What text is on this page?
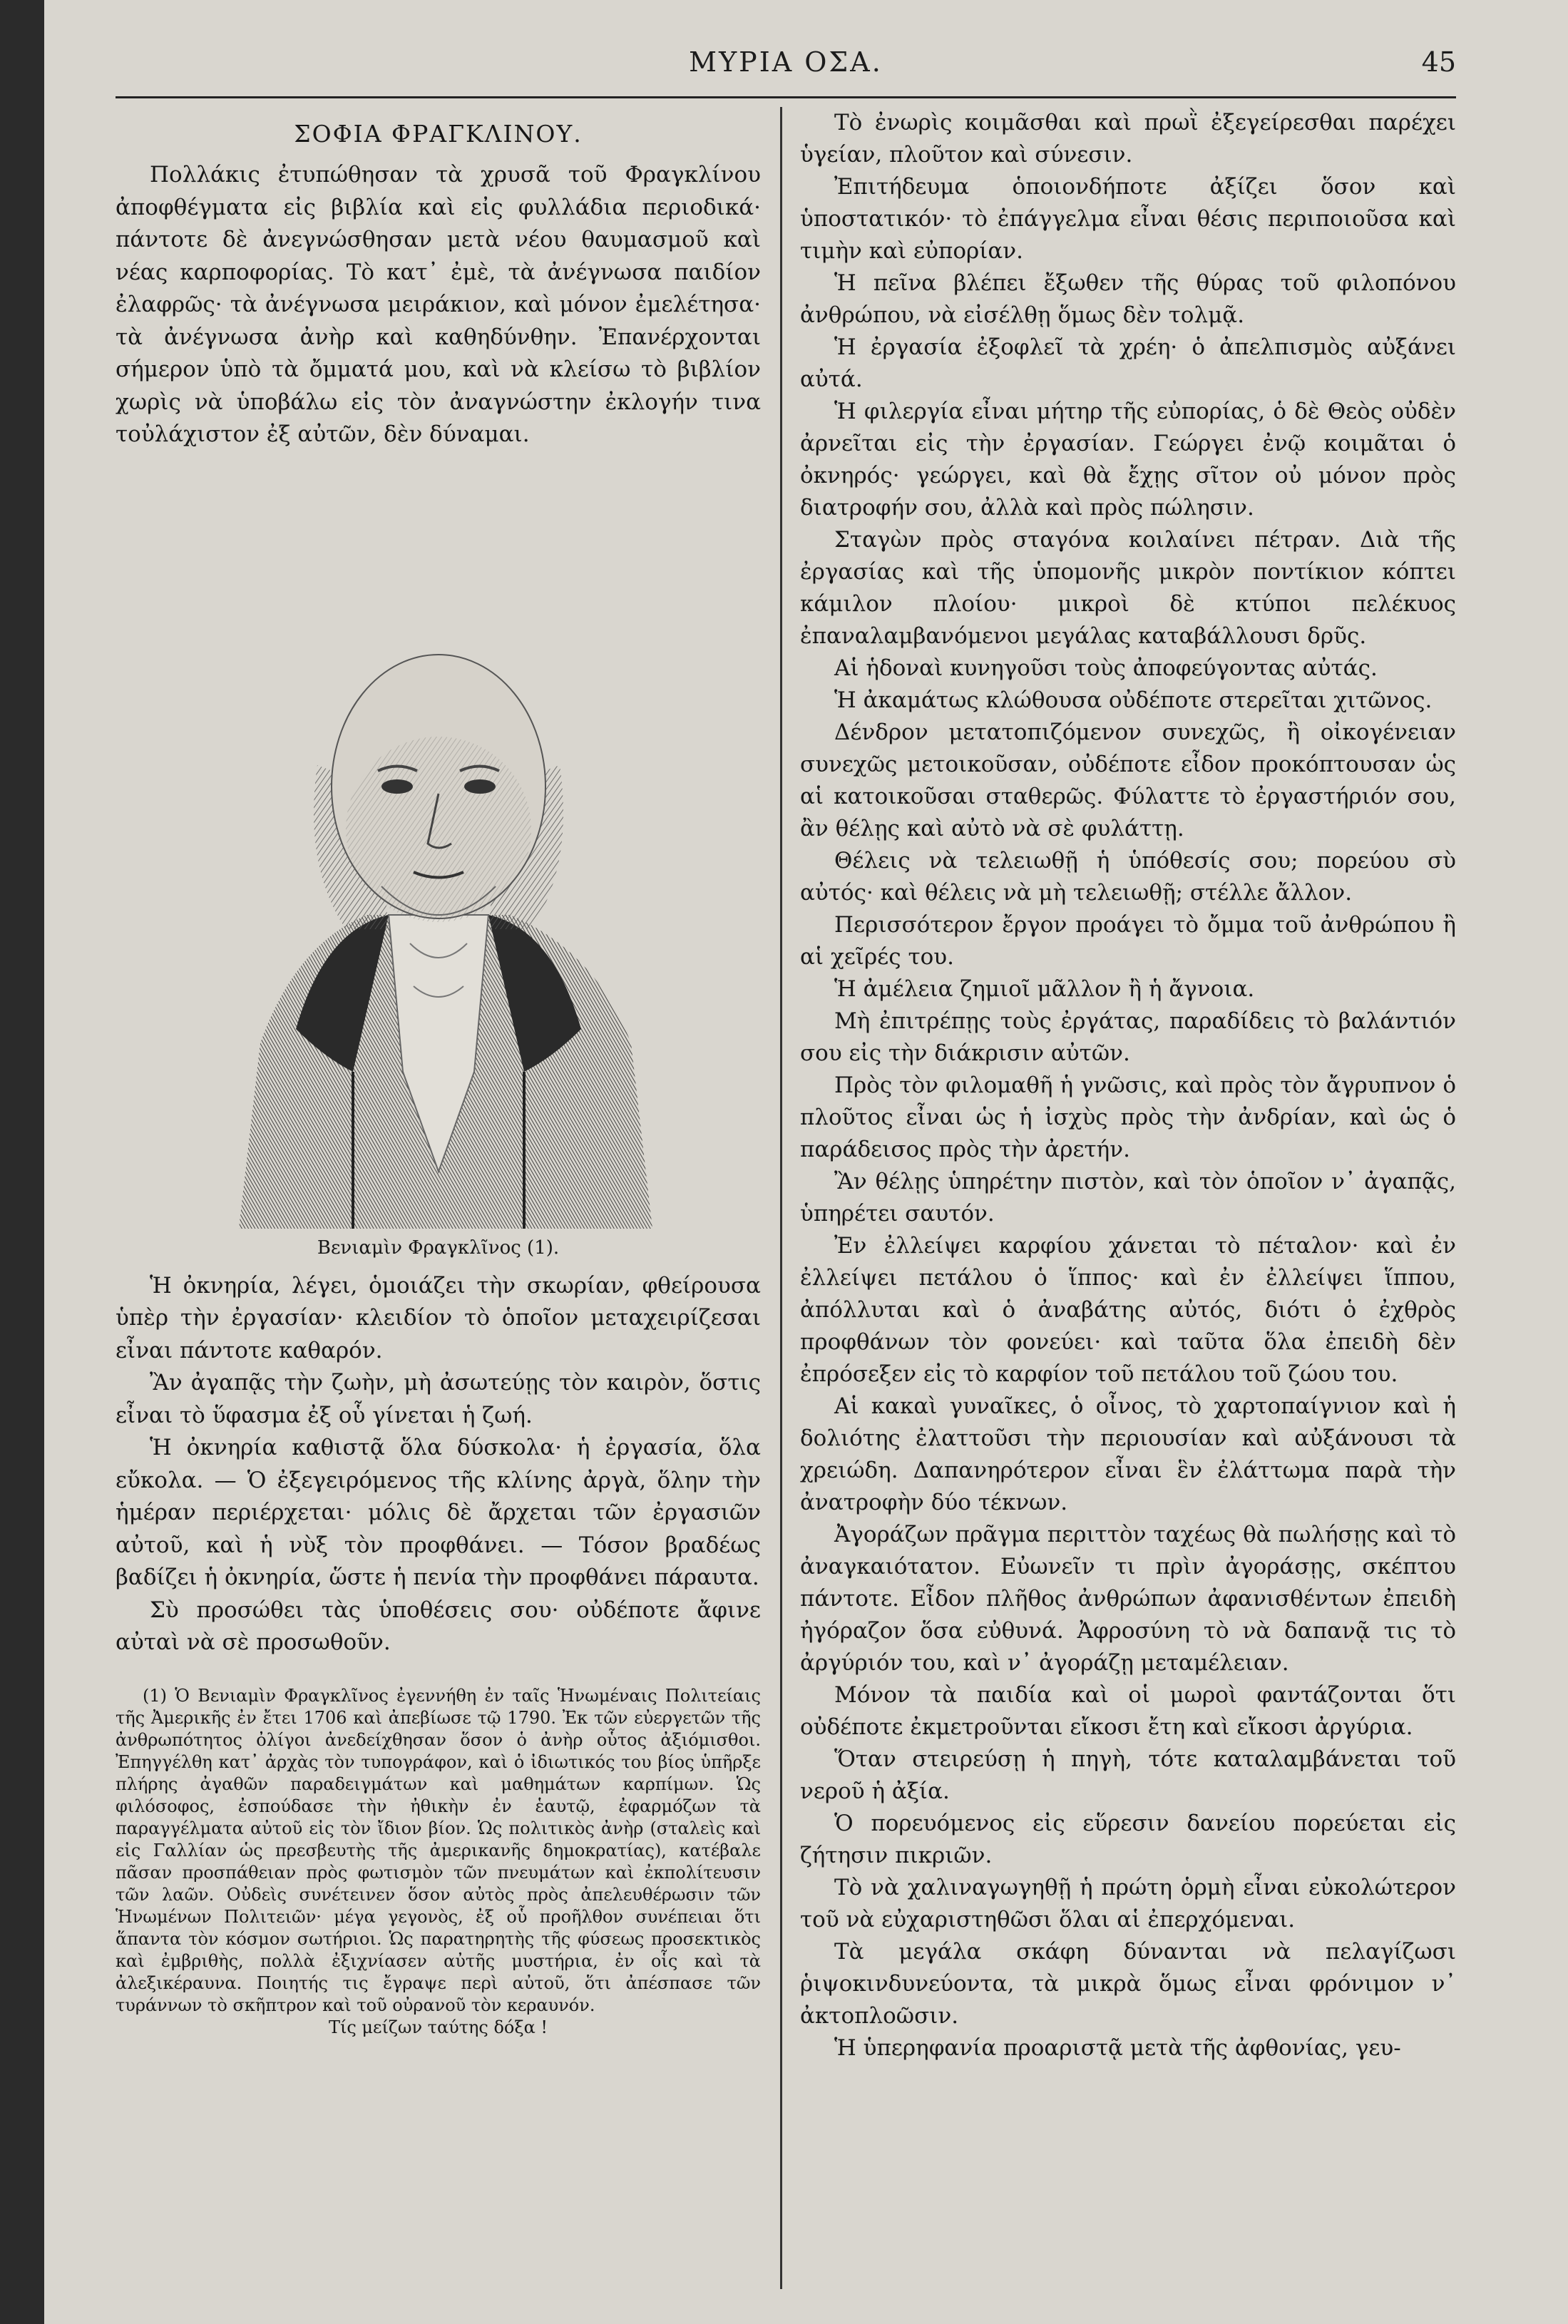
ΜΥΡΙΑ ΟΣΑ.	45
ΣΟΦΙΑ ΦΡΑΓΚΛΙΝΟΥ.

Πολλάκις ἐτυπώθησαν τὰ χρυσᾶ τοῦ Φραγκλίνου ἀποφθέγματα εἰς βιβλία καὶ εἰς φυλλάδια περιοδικά· πάντοτε δὲ ἀνεγνώσθησαν μετὰ νέου θαυμασμοῦ καὶ νέας καρποφορίας. Τὸ κατ᾽ ἐμὲ, τὰ ἀνέγνωσα παιδίον ἐλαφρῶς· τὰ ἀνέγνωσα μειράκιον, καὶ μόνον ἐμελέτησα· τὰ ἀνέγνωσα ἀνὴρ καὶ καθηδύνθην. Ἐπανέρχονται σήμερον ὑπὸ τὰ ὄμματά μου, καὶ νὰ κλείσω τὸ βιβλίον χωρὶς νὰ ὑποβάλω εἰς τὸν ἀναγνώστην ἐκλογήν τινα τοὐλάχιστον ἐξ αὐτῶν, δὲν δύναμαι.

Βενιαμὶν Φραγκλῖνος (1).

Ἡ ὀκνηρία, λέγει, ὁμοιάζει τὴν σκωρίαν, φθείρουσα ὑπὲρ τὴν ἐργασίαν· κλειδίον τὸ ὁποῖον μεταχειρίζεσαι εἶναι πάντοτε καθαρόν.

Ἂν ἀγαπᾷς τὴν ζωὴν, μὴ ἀσωτεύῃς τὸν καιρὸν, ὅστις εἶναι τὸ ὕφασμα ἐξ οὗ γίνεται ἡ ζωή.

Ἡ ὀκνηρία καθιστᾷ ὅλα δύσκολα· ἡ ἐργασία, ὅλα εὔκολα. — Ὁ ἐξεγειρόμενος τῆς κλίνης ἀργὰ, ὅλην τὴν ἡμέραν περιέρχεται· μόλις δὲ ἄρχεται τῶν ἐργασιῶν αὐτοῦ, καὶ ἡ νὺξ τὸν προφθάνει. — Τόσον βραδέως βαδίζει ἡ ὀκνηρία, ὥστε ἡ πενία τὴν προφθάνει πάραυτα.

Σὺ προσώθει τὰς ὑποθέσεις σου· οὐδέποτε ἄφινε αὐταὶ νὰ σὲ προσωθοῦν.

(1) Ὁ Βενιαμὶν Φραγκλῖνος ἐγεννήθη ἐν ταῖς Ἡνωμέναις Πολιτείαις τῆς Ἀμερικῆς ἐν ἔτει 1706 καὶ ἀπεβίωσε τῷ 1790. Ἐκ τῶν εὐεργετῶν τῆς ἀνθρωπότητος ὀλίγοι ἀνεδείχθησαν ὅσον ὁ ἀνὴρ οὗτος ἀξιόμισθοι. Ἐπηγγέλθη κατ᾽ ἀρχὰς τὸν τυπογράφον, καὶ ὁ ἰδιωτικός του βίος ὑπῆρξε πλήρης ἀγαθῶν παραδειγμάτων καὶ μαθημάτων καρπίμων. Ὡς φιλόσοφος, ἐσπούδασε τὴν ἠθικὴν ἐν ἑαυτῷ, ἐφαρμόζων τὰ παραγγέλματα αὐτοῦ εἰς τὸν ἴδιον βίον. Ὡς πολιτικὸς ἀνὴρ (σταλεὶς καὶ εἰς Γαλλίαν ὡς πρεσβευτὴς τῆς ἀμερικανῆς δημοκρατίας), κατέβαλε πᾶσαν προσπάθειαν πρὸς φωτισμὸν τῶν πνευμάτων καὶ ἐκπολίτευσιν τῶν λαῶν. Οὐδεὶς συνέτεινεν ὅσον αὐτὸς πρὸς ἀπελευθέρωσιν τῶν Ἡνωμένων Πολιτειῶν· μέγα γεγονὸς, ἐξ οὗ προῆλθον συνέπειαι ὅτι ἅπαντα τὸν κόσμον σωτήριοι. Ὡς παρατηρητὴς τῆς φύσεως προσεκτικὸς καὶ ἐμβριθὴς, πολλὰ ἐξιχνίασεν αὐτῆς μυστήρια, ἐν οἷς καὶ τὰ ἀλεξικέραυνα. Ποιητής τις ἔγραψε περὶ αὐτοῦ, ὅτι ἀπέσπασε τῶν τυράννων τὸ σκῆπτρον καὶ τοῦ οὐρανοῦ τὸν κεραυνόν.

Τίς μείζων ταύτης δόξα !

Τὸ ἐνωρὶς κοιμᾶσθαι καὶ πρωῒ ἐξεγείρεσθαι παρέχει ὑγείαν, πλοῦτον καὶ σύνεσιν.

Ἐπιτήδευμα ὁποιονδήποτε ἀξίζει ὅσον καὶ ὑποστατικόν· τὸ ἐπάγγελμα εἶναι θέσις περιποιοῦσα καὶ τιμὴν καὶ εὐπορίαν.

Ἡ πεῖνα βλέπει ἔξωθεν τῆς θύρας τοῦ φιλοπόνου ἀνθρώπου, νὰ εἰσέλθῃ ὅμως δὲν τολμᾷ.

Ἡ ἐργασία ἐξοφλεῖ τὰ χρέη· ὁ ἀπελπισμὸς αὐξάνει αὐτά.

Ἡ φιλεργία εἶναι μήτηρ τῆς εὐπορίας, ὁ δὲ Θεὸς οὐδὲν ἀρνεῖται εἰς τὴν ἐργασίαν. Γεώργει ἐνῷ κοιμᾶται ὁ ὀκνηρός· γεώργει, καὶ θὰ ἔχῃς σῖτον οὐ μόνον πρὸς διατροφήν σου, ἀλλὰ καὶ πρὸς πώλησιν.

Σταγὼν πρὸς σταγόνα κοιλαίνει πέτραν. Διὰ τῆς ἐργασίας καὶ τῆς ὑπομονῆς μικρὸν ποντίκιον κόπτει κάμιλον πλοίου· μικροὶ δὲ κτύποι πελέκυος ἐπαναλαμβανόμενοι μεγάλας καταβάλλουσι δρῦς.

Αἱ ἡδοναὶ κυνηγοῦσι τοὺς ἀποφεύγοντας αὐτάς.

Ἡ ἀκαμάτως κλώθουσα οὐδέποτε στερεῖται χιτῶνος.

Δένδρον μετατοπιζόμενον συνεχῶς, ἢ οἰκογένειαν συνεχῶς μετοικοῦσαν, οὐδέποτε εἶδον προκόπτουσαν ὡς αἱ κατοικοῦσαι σταθερῶς. Φύλαττε τὸ ἐργαστήριόν σου, ἂν θέλῃς καὶ αὐτὸ νὰ σὲ φυλάττῃ.

Θέλεις νὰ τελειωθῇ ἡ ὑπόθεσίς σου; πορεύου σὺ αὐτός· καὶ θέλεις νὰ μὴ τελειωθῇ; στέλλε ἄλλον.

Περισσότερον ἔργον προάγει τὸ ὄμμα τοῦ ἀνθρώπου ἢ αἱ χεῖρές του.

Ἡ ἀμέλεια ζημιοῖ μᾶλλον ἢ ἡ ἄγνοια.

Μὴ ἐπιτρέπῃς τοὺς ἐργάτας, παραδίδεις τὸ βαλάντιόν σου εἰς τὴν διάκρισιν αὐτῶν.

Πρὸς τὸν φιλομαθῆ ἡ γνῶσις, καὶ πρὸς τὸν ἄγρυπνον ὁ πλοῦτος εἶναι ὡς ἡ ἰσχὺς πρὸς τὴν ἀνδρίαν, καὶ ὡς ὁ παράδεισος πρὸς τὴν ἀρετήν.

Ἂν θέλῃς ὑπηρέτην πιστὸν, καὶ τὸν ὁποῖον ν᾽ ἀγαπᾷς, ὑπηρέτει σαυτόν.

Ἐν ἐλλείψει καρφίου χάνεται τὸ πέταλον· καὶ ἐν ἐλλείψει πετάλου ὁ ἵππος· καὶ ἐν ἐλλείψει ἵππου, ἀπόλλυται καὶ ὁ ἀναβάτης αὐτός, διότι ὁ ἐχθρὸς προφθάνων τὸν φονεύει· καὶ ταῦτα ὅλα ἐπειδὴ δὲν ἐπρόσεξεν εἰς τὸ καρφίον τοῦ πετάλου τοῦ ζώου του.

Αἱ κακαὶ γυναῖκες, ὁ οἶνος, τὸ χαρτοπαίγνιον καὶ ἡ δολιότης ἐλαττοῦσι τὴν περιουσίαν καὶ αὐξάνουσι τὰ χρειώδη. Δαπανηρότερον εἶναι ἓν ἐλάττωμα παρὰ τὴν ἀνατροφὴν δύο τέκνων.

Ἀγοράζων πρᾶγμα περιττὸν ταχέως θὰ πωλήσῃς καὶ τὸ ἀναγκαιότατον. Εὐωνεῖν τι πρὶν ἀγοράσῃς, σκέπτου πάντοτε. Εἶδον πλῆθος ἀνθρώπων ἀφανισθέντων ἐπειδὴ ἠγόραζον ὅσα εὐθυνά. Ἀφροσύνη τὸ νὰ δαπανᾷ τις τὸ ἀργύριόν του, καὶ ν᾽ ἀγοράζῃ μεταμέλειαν.

Μόνον τὰ παιδία καὶ οἱ μωροὶ φαντάζονται ὅτι οὐδέποτε ἐκμετροῦνται εἴκοσι ἔτη καὶ εἴκοσι ἀργύρια.

Ὅταν στειρεύσῃ ἡ πηγὴ, τότε καταλαμβάνεται τοῦ νεροῦ ἡ ἀξία.

Ὁ πορευόμενος εἰς εὕρεσιν δανείου πορεύεται εἰς ζήτησιν πικριῶν.

Τὸ νὰ χαλιναγωγηθῇ ἡ πρώτη ὁρμὴ εἶναι εὐκολώτερον τοῦ νὰ εὐχαριστηθῶσι ὅλαι αἱ ἐπερχόμεναι.

Τὰ μεγάλα σκάφη δύνανται νὰ πελαγίζωσι ῥιψοκινδυνεύοντα, τὰ μικρὰ ὅμως εἶναι φρόνιμον ν᾽ ἀκτοπλοῶσιν.

Ἡ ὑπερηφανία προαριστᾷ μετὰ τῆς ἀφθονίας, γευ-
